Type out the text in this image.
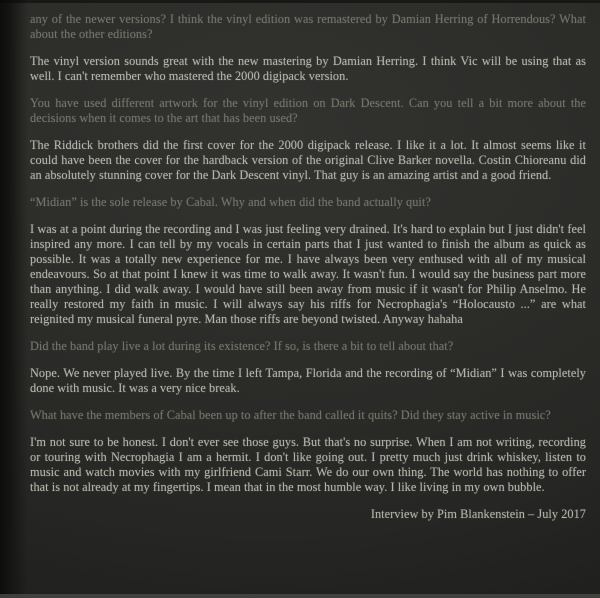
any of the newer versions? I think the vinyl edition was remastered by Damian Herring of Horrendous? What about the other editions?

The vinyl version sounds great with the new mastering by Damian Herring. I think Vic will be using that as well. I can't remember who mastered the 2000 digipack version.

You have used different artwork for the vinyl edition on Dark Descent. Can you tell a bit more about the decisions when it comes to the art that has been used?

The Riddick brothers did the first cover for the 2000 digipack release. I like it a lot. It almost seems like it could have been the cover for the hardback version of the original Clive Barker novella. Costin Chioreanu did an absolutely stunning cover for the Dark Descent vinyl. That guy is an amazing artist and a good friend.

“Midian” is the sole release by Cabal. Why and when did the band actually quit?

I was at a point during the recording and I was just feeling very drained. It's hard to explain but I just didn't feel inspired any more. I can tell by my vocals in certain parts that I just wanted to finish the album as quick as possible. It was a totally new experience for me. I have always been very enthused with all of my musical endeavours. So at that point I knew it was time to walk away. It wasn't fun. I would say the business part more than anything. I did walk away. I would have still been away from music if it wasn't for Philip Anselmo. He really restored my faith in music. I will always say his riffs for Necrophagia's “Holocausto ...” are what reignited my musical funeral pyre. Man those riffs are beyond twisted. Anyway hahaha

Did the band play live a lot during its existence? If so, is there a bit to tell about that?

Nope. We never played live. By the time I left Tampa, Florida and the recording of “Midian” I was completely done with music. It was a very nice break.

What have the members of Cabal been up to after the band called it quits? Did they stay active in music?

I'm not sure to be honest. I don't ever see those guys. But that's no surprise. When I am not writing, recording or touring with Necrophagia I am a hermit. I don't like going out. I pretty much just drink whiskey, listen to music and watch movies with my girlfriend Cami Starr. We do our own thing. The world has nothing to offer that is not already at my fingertips. I mean that in the most humble way. I like living in my own bubble.

Interview by Pim Blankenstein – July 2017
